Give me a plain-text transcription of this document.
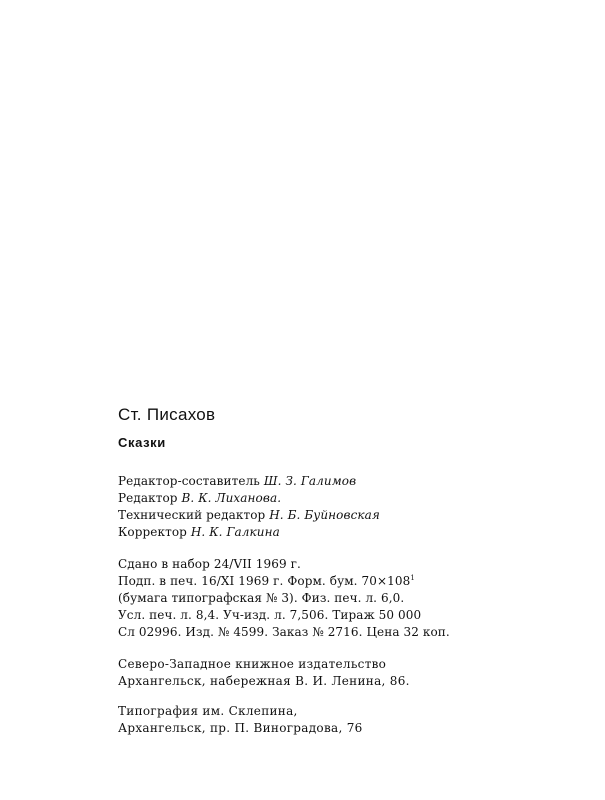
Ст. Писахов

Сказки

Редактор-составитель Ш. З. Галимов
Редактор В. К. Лиханова.
Технический редактор Н. Б. Буйновская
Корректор Н. К. Галкина
Сдано в набор 24/VII 1969 г.
Подп. в печ. 16/XI 1969 г. Форм. бум. $70\times 108^1$
(бумага типографская № 3). Физ. печ. л. 6,0.
Усл. печ. л. 8,4. Уч-изд. л. 7,506. Тираж 50 000
Сл 02996. Изд. № 4599. Заказ № 2716. Цена 32 коп.
Северо-Западное книжное издательство
Архангельск, набережная В. И. Ленина, 86.
Типография им. Склепина,
Архангельск, пр. П. Виноградова, 76
